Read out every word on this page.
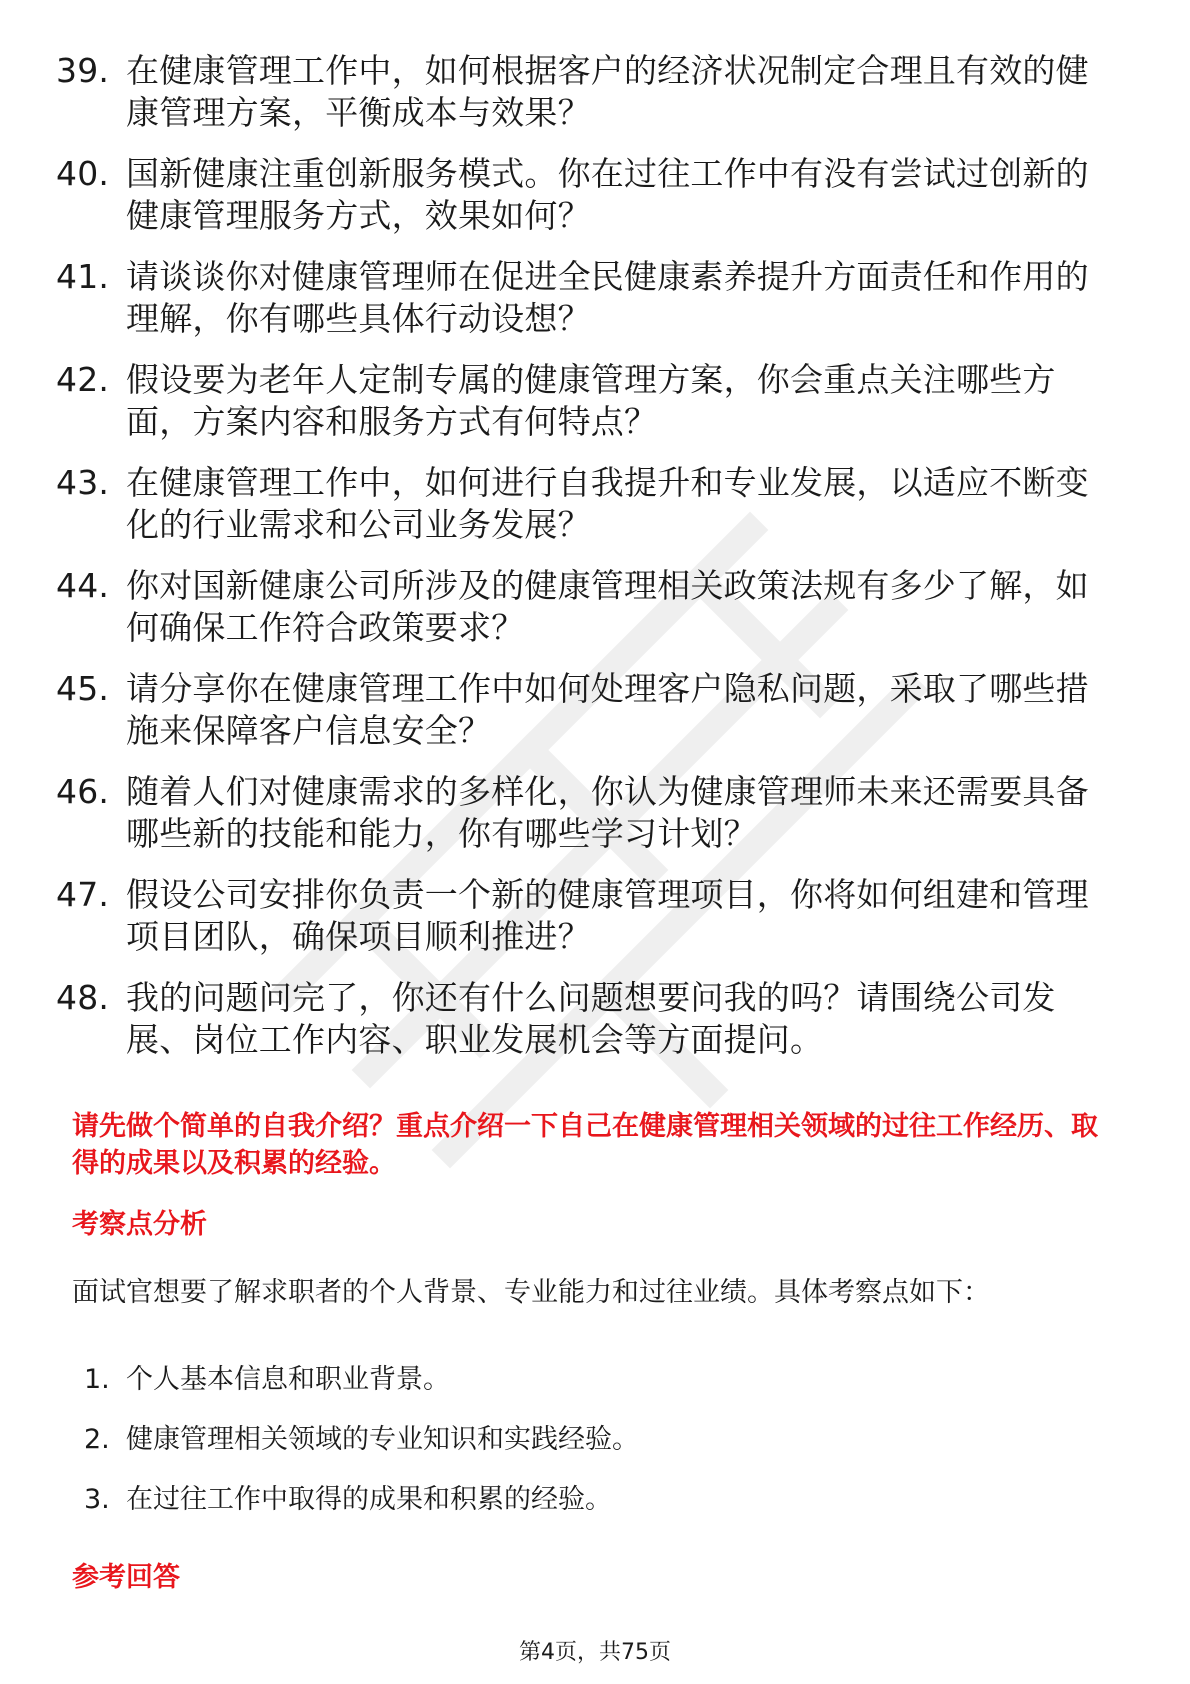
39. 在健康管理工作中，如何根据客户的经济状况制定合理且有效的健康管理方案，平衡成本与效果？
40. 国新健康注重创新服务模式。你在过往工作中有没有尝试过创新的健康管理服务方式，效果如何？
41. 请谈谈你对健康管理师在促进全民健康素养提升方面责任和作用的理解，你有哪些具体行动设想？
42. 假设要为老年人定制专属的健康管理方案，你会重点关注哪些方面，方案内容和服务方式有何特点？
43. 在健康管理工作中，如何进行自我提升和专业发展，以适应不断变化的行业需求和公司业务发展？
44. 你对国新健康公司所涉及的健康管理相关政策法规有多少了解，如何确保工作符合政策要求？
45. 请分享你在健康管理工作中如何处理客户隐私问题，采取了哪些措施来保障客户信息安全？
46. 随着人们对健康需求的多样化，你认为健康管理师未来还需要具备哪些新的技能和能力，你有哪些学习计划？
47. 假设公司安排你负责一个新的健康管理项目，你将如何组建和管理项目团队，确保项目顺利推进？
48. 我的问题问完了，你还有什么问题想要问我的吗？请围绕公司发展、岗位工作内容、职业发展机会等方面提问。

请先做个简单的自我介绍？重点介绍一下自己在健康管理相关领域的过往工作经历、取得的成果以及积累的经验。

考察点分析

面试官想要了解求职者的个人背景、专业能力和过往业绩。具体考察点如下：

1. 个人基本信息和职业背景。
2. 健康管理相关领域的专业知识和实践经验。
3. 在过往工作中取得的成果和积累的经验。
参考回答
第4页，共75页
